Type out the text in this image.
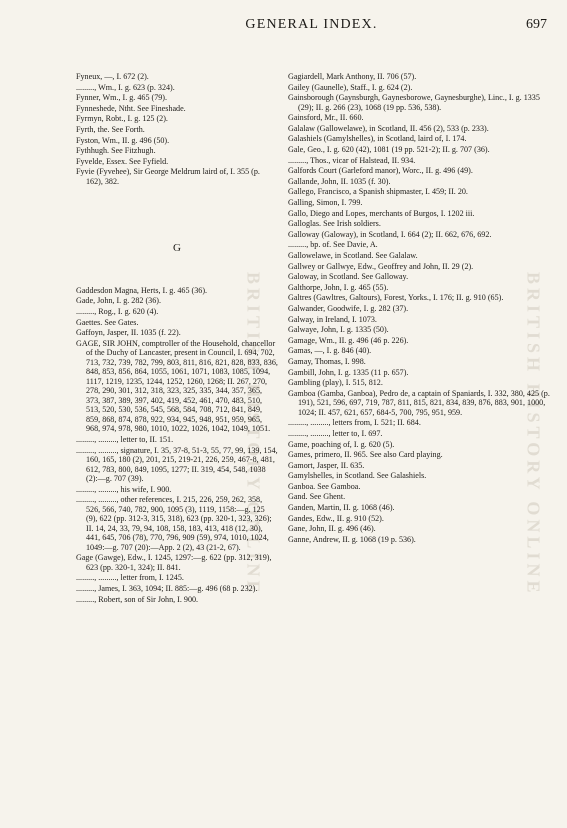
GENERAL INDEX.	697
BRITISH HISTORY ONLINE	BRITISH HISTORY ONLINE

Fyneux, —, I. 672 (2).

........., Wm., I. g. 623 (p. 324).

Fynner, Wm., I. g. 465 (79).

Fynneshede, Ntht. See Fineshade.

Fyrmyn, Robt., I. g. 125 (2).

Fyrth, the. See Forth.

Fyston, Wm., II. g. 496 (50).

Fythhugh. See Fitzhugh.

Fyvelde, Essex. See Fyfield.

Fyvie (Fyvehee), Sir George Meldrum laird of, I. 355 (p. 162), 382.

G

Gaddesdon Magna, Herts, I. g. 465 (36).

Gade, John, I. g. 282 (36).

........., Rog., I. g. 620 (4).

Gaettes. See Gates.

Gaffoyn, Jasper, II. 1035 (f. 22).

GAGE, SIR JOHN, comptroller of the Household, chancellor of the Duchy of Lancaster, present in Council, I. 694, 702, 713, 732, 739, 782, 799, 803, 811, 816, 821, 828, 833, 836, 848, 853, 856, 864, 1055, 1061, 1071, 1083, 1085, 1094, 1117, 1219, 1235, 1244, 1252, 1260, 1268; II. 267, 270, 278, 290, 301, 312, 318, 323, 325, 335, 344, 357, 365, 373, 387, 389, 397, 402, 419, 452, 461, 470, 483, 510, 513, 520, 530, 536, 545, 568, 584, 708, 712, 841, 849, 859, 868, 874, 878, 922, 934, 945, 948, 951, 959, 965, 968, 974, 978, 980, 1010, 1022, 1026, 1042, 1049, 1051.

........., ........., letter to, II. 151.

........., ........., signature, I. 35, 37-8, 51-3, 55, 77, 99, 139, 154, 160, 165, 180 (2), 201, 215, 219-21, 226, 259, 467-8, 481, 612, 783, 800, 849, 1095, 1277; II. 319, 454, 548, 1038 (2):—g. 707 (39).

........., ........., his wife, I. 900.

........., ........., other references, I. 215, 226, 259, 262, 358, 526, 566, 740, 782, 900, 1095 (3), 1119, 1158:—g. 125 (9), 622 (pp. 312-3, 315, 318), 623 (pp. 320-1, 323, 326); II. 14, 24, 33, 79, 94, 108, 158, 183, 413, 418 (12, 30), 441, 645, 706 (78), 770, 796, 909 (59), 974, 1010, 1024, 1049:—g. 707 (20):—App. 2 (2), 43 (21-2, 67).

Gage (Gawge), Edw., I. 1245, 1297:—g. 622 (pp. 312, 319), 623 (pp. 320-1, 324); II. 841.

........., ........., letter from, I. 1245.

........., James, I. 363, 1094; II. 885:—g. 496 (68 p. 232).

........., Robert, son of Sir John, I. 900.

Gagiardell, Mark Anthony, II. 706 (57).

Gailey (Gaunelle), Staff., I. g. 624 (2).

Gainsborough (Gaynsburgh, Gaynesborowe, Gaynesburghe), Linc., I. g. 1335 (29); II. g. 266 (23), 1068 (19 pp. 536, 538).

Gainsford, Mr., II. 660.

Galalaw (Gallowelawe), in Scotland, II. 456 (2), 533 (p. 233).

Galashiels (Gamylshelles), in Scotland, laird of, I. 174.

Gale, Geo., I. g. 620 (42), 1081 (19 pp. 521-2); II. g. 707 (36).

........., Thos., vicar of Halstead, II. 934.

Galfords Court (Garleford manor), Worc., II. g. 496 (49).

Gallande, John, II. 1035 (f. 30).

Gallego, Francisco, a Spanish shipmaster, I. 459; II. 20.

Galling, Simon, I. 799.

Gallo, Diego and Lopes, merchants of Burgos, I. 1202 iii.

Galloglas. See Irish soldiers.

Galloway (Galoway), in Scotland, I. 664 (2); II. 662, 676, 692.

........., bp. of. See Davie, A.

Gallowelawe, in Scotland. See Galalaw.

Gallwey or Gallwye, Edw., Geoffrey and John, II. 29 (2).

Galoway, in Scotland. See Galloway.

Galthorpe, John, I. g. 465 (55).

Galtres (Gawltres, Galtours), Forest, Yorks., I. 176; II. g. 910 (65).

Galwander, Goodwife, I. g. 282 (37).

Galway, in Ireland, I. 1073.

Galwaye, John, I. g. 1335 (50).

Gamage, Wm., II. g. 496 (46 p. 226).

Gamas, —, I. g. 846 (40).

Gamay, Thomas, I. 998.

Gambill, John, I. g. 1335 (11 p. 657).

Gambling (play), I. 515, 812.

Gamboa (Gamba, Ganboa), Pedro de, a captain of Spaniards, I. 332, 380, 425 (p. 191), 521, 596, 697, 719, 787, 811, 815, 821, 834, 839, 876, 883, 901, 1000, 1024; II. 457, 621, 657, 684-5, 700, 795, 951, 959.

........., ........., letters from, I. 521; II. 684.

........., ........., letter to, I. 697.

Game, poaching of, I. g. 620 (5).

Games, primero, II. 965. See also Card playing.

Gamort, Jasper, II. 635.

Gamylshelles, in Scotland. See Galashiels.

Ganboa. See Gamboa.

Gand. See Ghent.

Ganden, Martin, II. g. 1068 (46).

Gandes, Edw., II. g. 910 (52).

Gane, John, II. g. 496 (46).

Ganne, Andrew, II. g. 1068 (19 p. 536).
